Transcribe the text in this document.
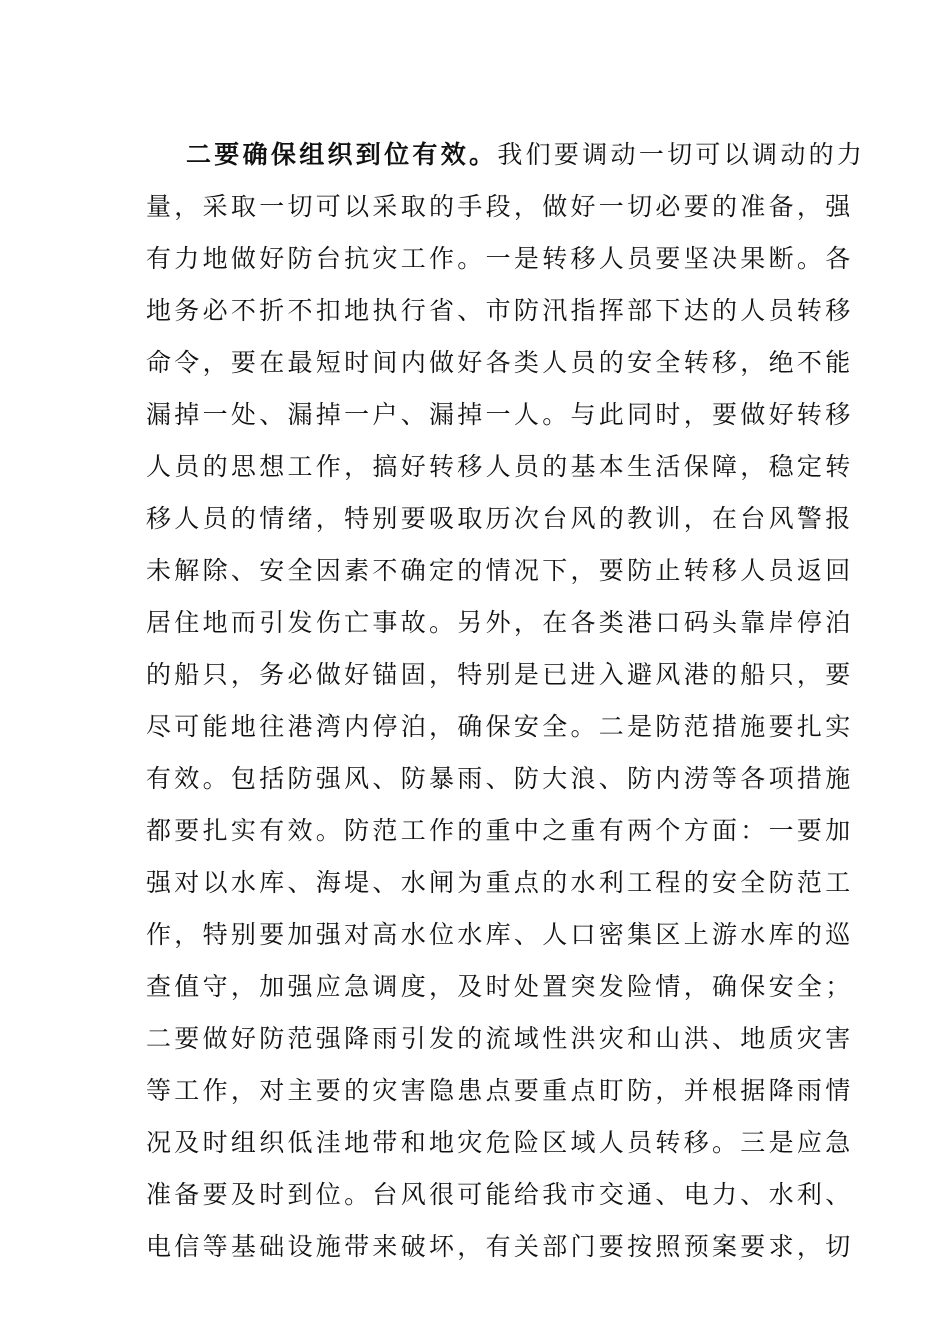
二要确保组织到位有效。我们要调动一切可以调动的力
量，采取一切可以采取的手段，做好一切必要的准备，强
有力地做好防台抗灾工作。一是转移人员要坚决果断。各
地务必不折不扣地执行省、市防汛指挥部下达的人员转移
命令，要在最短时间内做好各类人员的安全转移，绝不能
漏掉一处、漏掉一户、漏掉一人。与此同时，要做好转移
人员的思想工作，搞好转移人员的基本生活保障，稳定转
移人员的情绪，特别要吸取历次台风的教训，在台风警报
未解除、安全因素不确定的情况下，要防止转移人员返回
居住地而引发伤亡事故。另外，在各类港口码头靠岸停泊
的船只，务必做好锚固，特别是已进入避风港的船只，要
尽可能地往港湾内停泊，确保安全。二是防范措施要扎实
有效。包括防强风、防暴雨、防大浪、防内涝等各项措施
都要扎实有效。防范工作的重中之重有两个方面：一要加
强对以水库、海堤、水闸为重点的水利工程的安全防范工
作，特别要加强对高水位水库、人口密集区上游水库的巡
查值守，加强应急调度，及时处置突发险情，确保安全；
二要做好防范强降雨引发的流域性洪灾和山洪、地质灾害
等工作，对主要的灾害隐患点要重点盯防，并根据降雨情
况及时组织低洼地带和地灾危险区域人员转移。三是应急
准备要及时到位。台风很可能给我市交通、电力、水利、
电信等基础设施带来破坏，有关部门要按照预案要求，切
